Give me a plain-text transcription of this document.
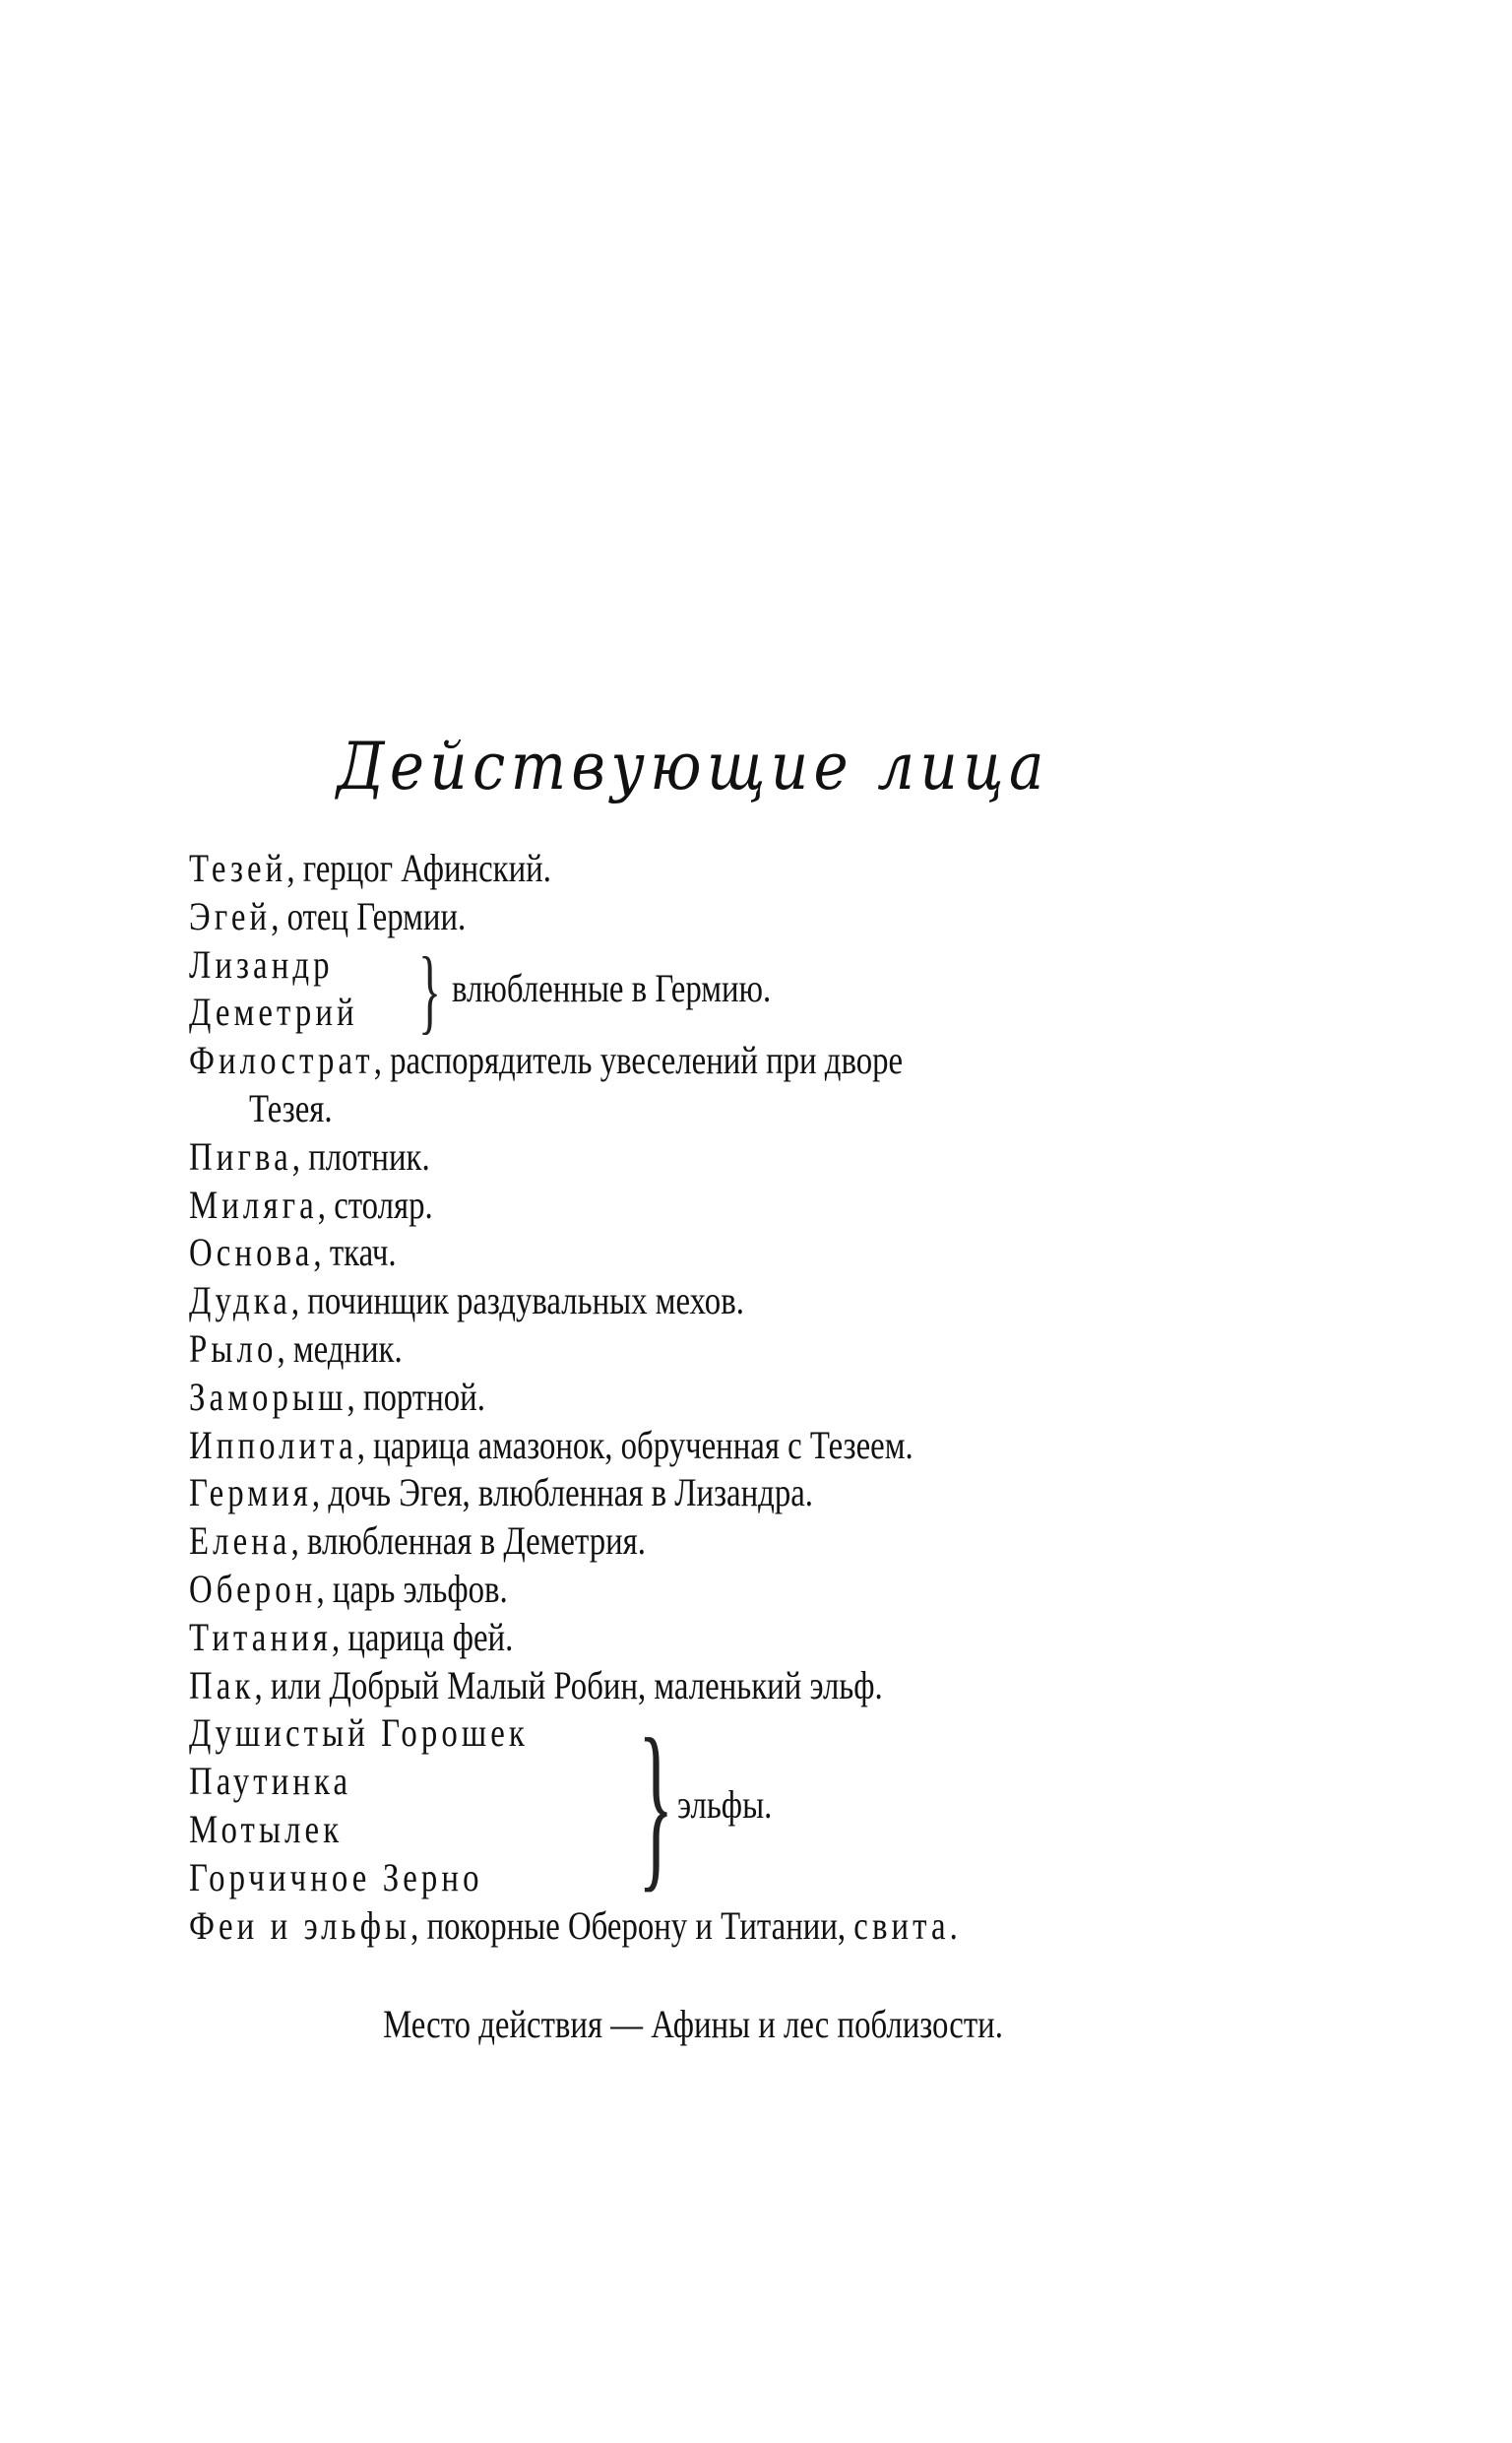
Действующие лица
Тезей, герцог Афинский.
Эгей, отец Гермии.
Лизандр
Деметрий
Филострат, распорядитель увеселений при дворе
Тезея.
Пигва, плотник.
Миляга, столяр.
Основа, ткач.
Дудка, починщик раздувальных мехов.
Рыло, медник.
Заморыш, портной.
Ипполита, царица амазонок, обрученная с Тезеем.
Гермия, дочь Эгея, влюбленная в Лизандра.
Елена, влюбленная в Деметрия.
Оберон, царь эльфов.
Титания, царица фей.
Пак, или Добрый Малый Робин, маленький эльф.
Душистый Горошек
Паутинка
Мотылек
Горчичное Зерно
Феи и эльфы, покорные Оберону и Титании, свита.
} влюбленные в Гермию.
} эльфы.
Место действия — Афины и лес поблизости.
